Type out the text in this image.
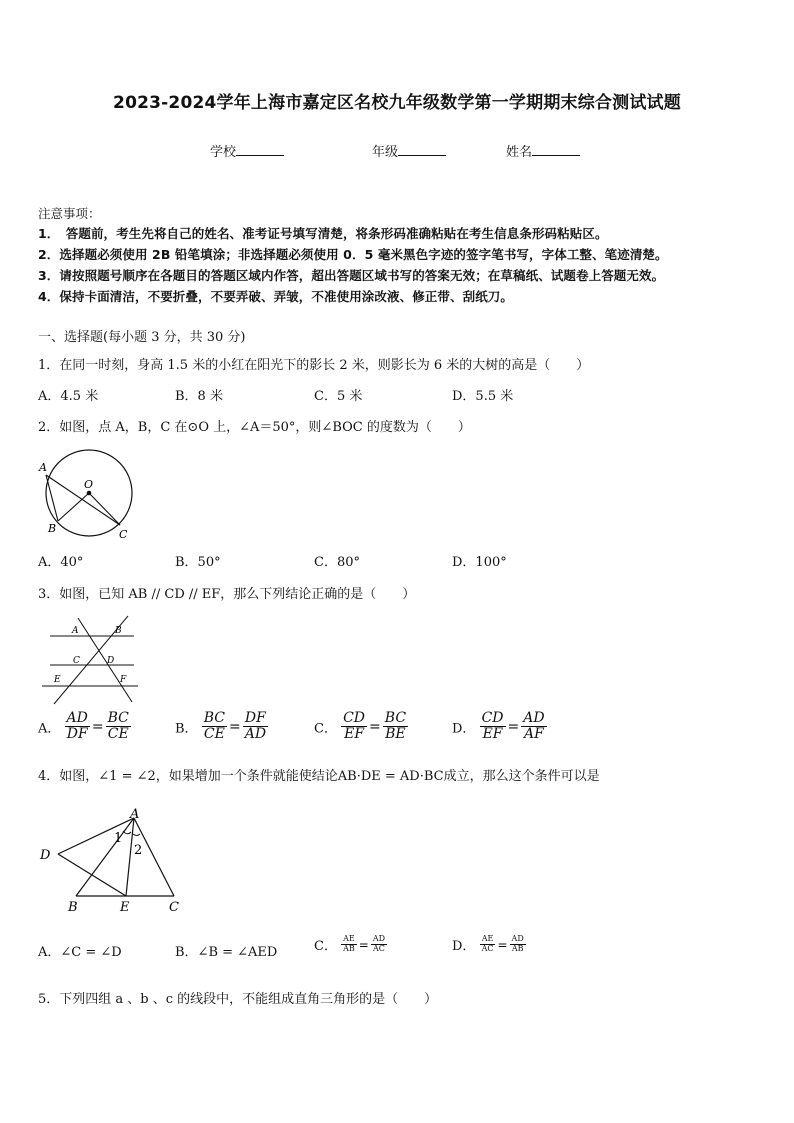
2023-2024学年上海市嘉定区名校九年级数学第一学期期末综合测试试题
学校	年级	姓名
注意事项：
1．　答题前，考生先将自己的姓名、准考证号填写清楚，将条形码准确粘贴在考生信息条形码粘贴区。
2．选择题必须使用 2B 铅笔填涂；非选择题必须使用 0．5 毫米黑色字迹的签字笔书写，字体工整、笔迹清楚。
3．请按照题号顺序在各题目的答题区域内作答，超出答题区域书写的答案无效；在草稿纸、试题卷上答题无效。
4．保持卡面清洁，不要折叠，不要弄破、弄皱，不准使用涂改液、修正带、刮纸刀。
一、选择题(每小题 3 分，共 30 分)
1．在同一时刻，身高 1.5 米的小红在阳光下的影长 2 米，则影长为 6 米的大树的高是（　　）
A．4.5 米	B．8 米	C．5 米	D．5.5 米
2．如图，点 A，B，C 在⊙O 上，∠A＝50°，则∠BOC 的度数为（　　）
A
O
B	C
A．40°	B．50°	C．80°	D．100°
3．如图，已知 AB // CD // EF，那么下列结论正确的是（　　）
A	B
C	D
E	F
A． $\frac{AD}{DF} = \frac{BC}{CE}$	B． $\frac{BC}{CE} = \frac{DF}{AD}$	C． $\frac{CD}{EF} = \frac{BC}{BE}$	D． $\frac{CD}{EF} = \frac{AD}{AF}$
4．如图，∠1 = ∠2，如果增加一个条件就能使结论AB·DE = AD·BC成立，那么这个条件可以是
A
D
B	E	C
1
2
A．∠C = ∠D	B．∠B = ∠AED	C． $\frac{AE}{AB} = \frac{AD}{AC}$	D． $\frac{AE}{AC} = \frac{AD}{AB}$
5．下列四组 a 、b 、c 的线段中，不能组成直角三角形的是（　　）
